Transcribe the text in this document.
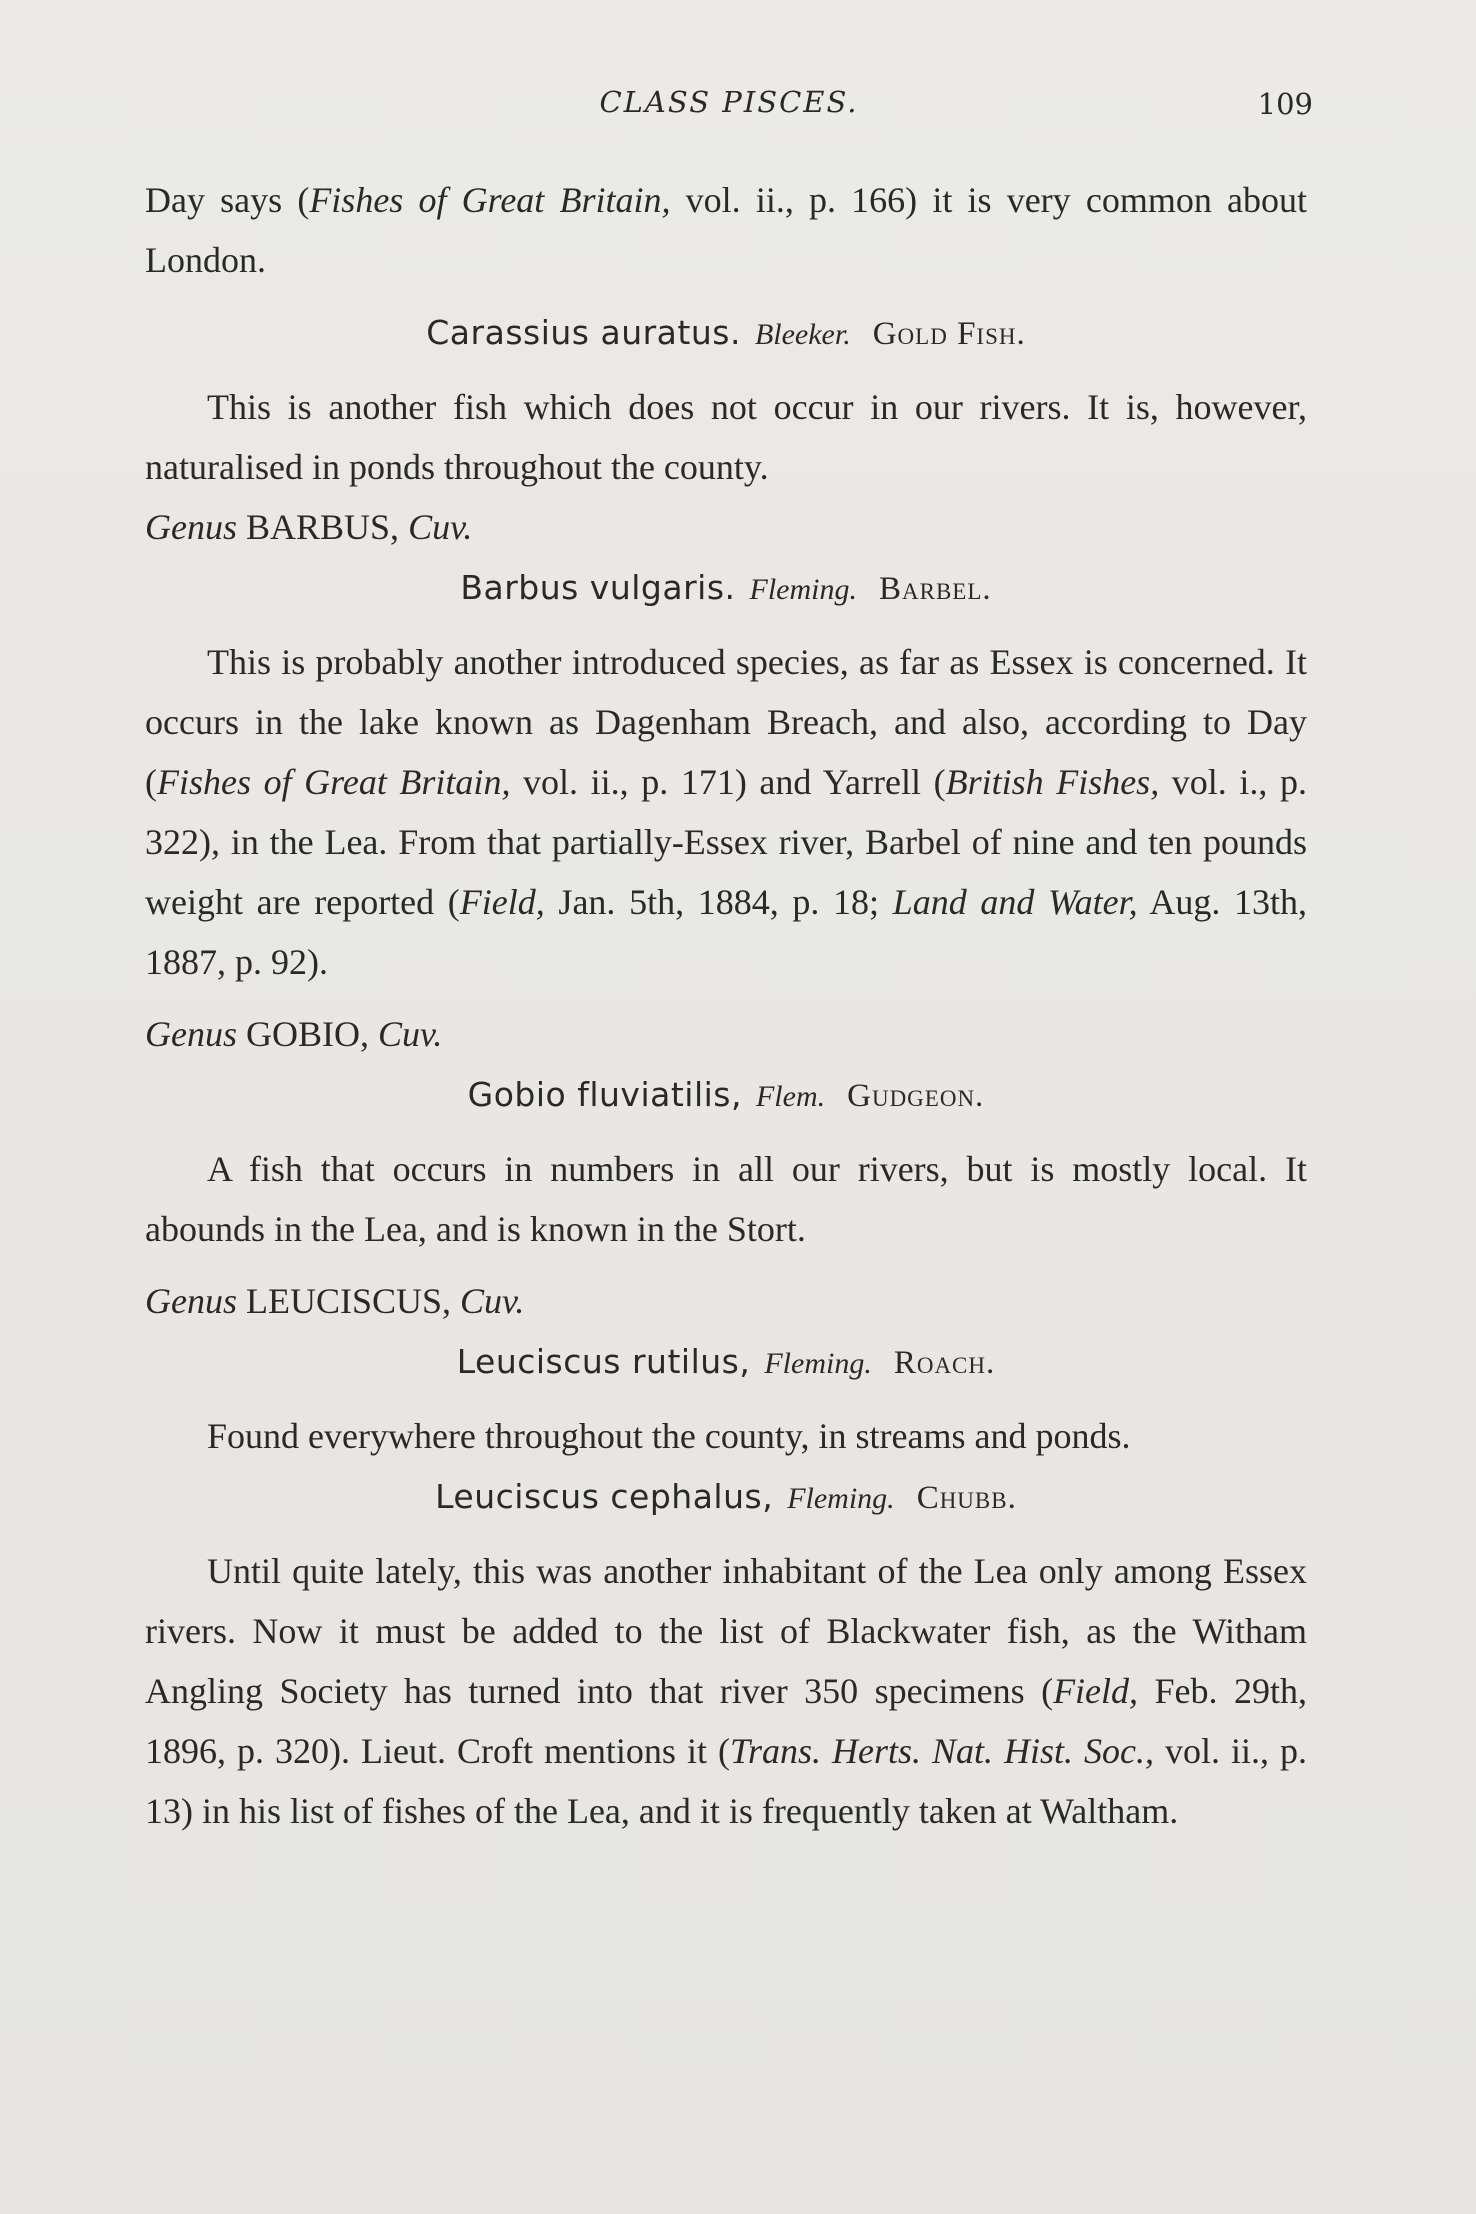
CLASS PISCES.	109

Day says (Fishes of Great Britain, vol. ii., p. 166) it is very common about London.

Carassius auratus. Bleeker. Gold Fish.

This is another fish which does not occur in our rivers. It is, however, naturalised in ponds throughout the county.

Genus BARBUS, Cuv.
Barbus vulgaris. Fleming. Barbel.

This is probably another introduced species, as far as Essex is concerned. It occurs in the lake known as Dagenham Breach, and also, according to Day (Fishes of Great Britain, vol. ii., p. 171) and Yarrell (British Fishes, vol. i., p. 322), in the Lea. From that partially-Essex river, Barbel of nine and ten pounds weight are reported (Field, Jan. 5th, 1884, p. 18; Land and Water, Aug. 13th, 1887, p. 92).

Genus GOBIO, Cuv.
Gobio fluviatilis, Flem. Gudgeon.

A fish that occurs in numbers in all our rivers, but is mostly local. It abounds in the Lea, and is known in the Stort.

Genus LEUCISCUS, Cuv.
Leuciscus rutilus, Fleming. Roach.

Found everywhere throughout the county, in streams and ponds.

Leuciscus cephalus, Fleming. Chubb.

Until quite lately, this was another inhabitant of the Lea only among Essex rivers. Now it must be added to the list of Blackwater fish, as the Witham Angling Society has turned into that river 350 specimens (Field, Feb. 29th, 1896, p. 320). Lieut. Croft mentions it (Trans. Herts. Nat. Hist. Soc., vol. ii., p. 13) in his list of fishes of the Lea, and it is frequently taken at Waltham.
